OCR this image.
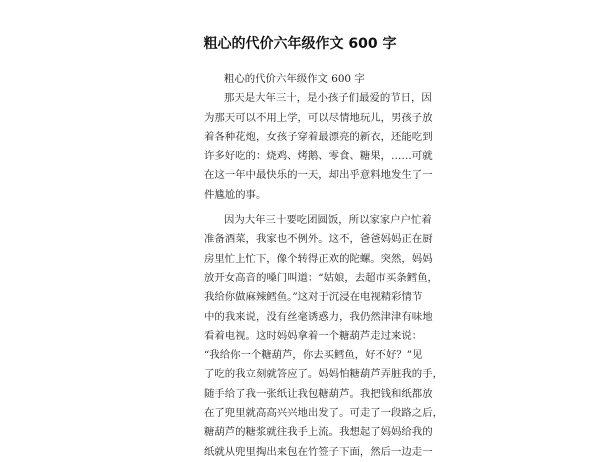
粗心的代价六年级作文 600 字
粗心的代价六年级作文 600 字
那天是大年三十，是小孩子们最爱的节日，因
为那天可以不用上学，可以尽情地玩儿，男孩子放
着各种花炮，女孩子穿着最漂亮的新衣，还能吃到
许多好吃的：烧鸡、烤鹅、零食、糖果，……可就
在这一年中最快乐的一天，却出乎意料地发生了一
件尴尬的事。
因为大年三十要吃团圆饭，所以家家户户忙着
准备酒菜，我家也不例外。这不，爸爸妈妈正在厨
房里忙上忙下，像个转得正欢的陀螺。突然，妈妈
放开女高音的嗓门叫道：“姑娘，去超市买条鳕鱼，
我给你做麻辣鳕鱼。”这对于沉浸在电视精彩情节
中的我来说，没有丝毫诱惑力，我仍然津津有味地
看着电视。这时妈妈拿着一个糖葫芦走过来说：
“我给你一个糖葫芦，你去买鳕鱼，好不好？”见
了吃的我立刻就答应了。妈妈怕糖葫芦弄脏我的手，
随手给了我一张纸让我包糖葫芦。我把钱和纸都放
在了兜里就高高兴兴地出发了。可走了一段路之后，
糖葫芦的糖浆就往我手上流。我想起了妈妈给我的
纸就从兜里掏出来包在竹签子下面，然后一边走一
